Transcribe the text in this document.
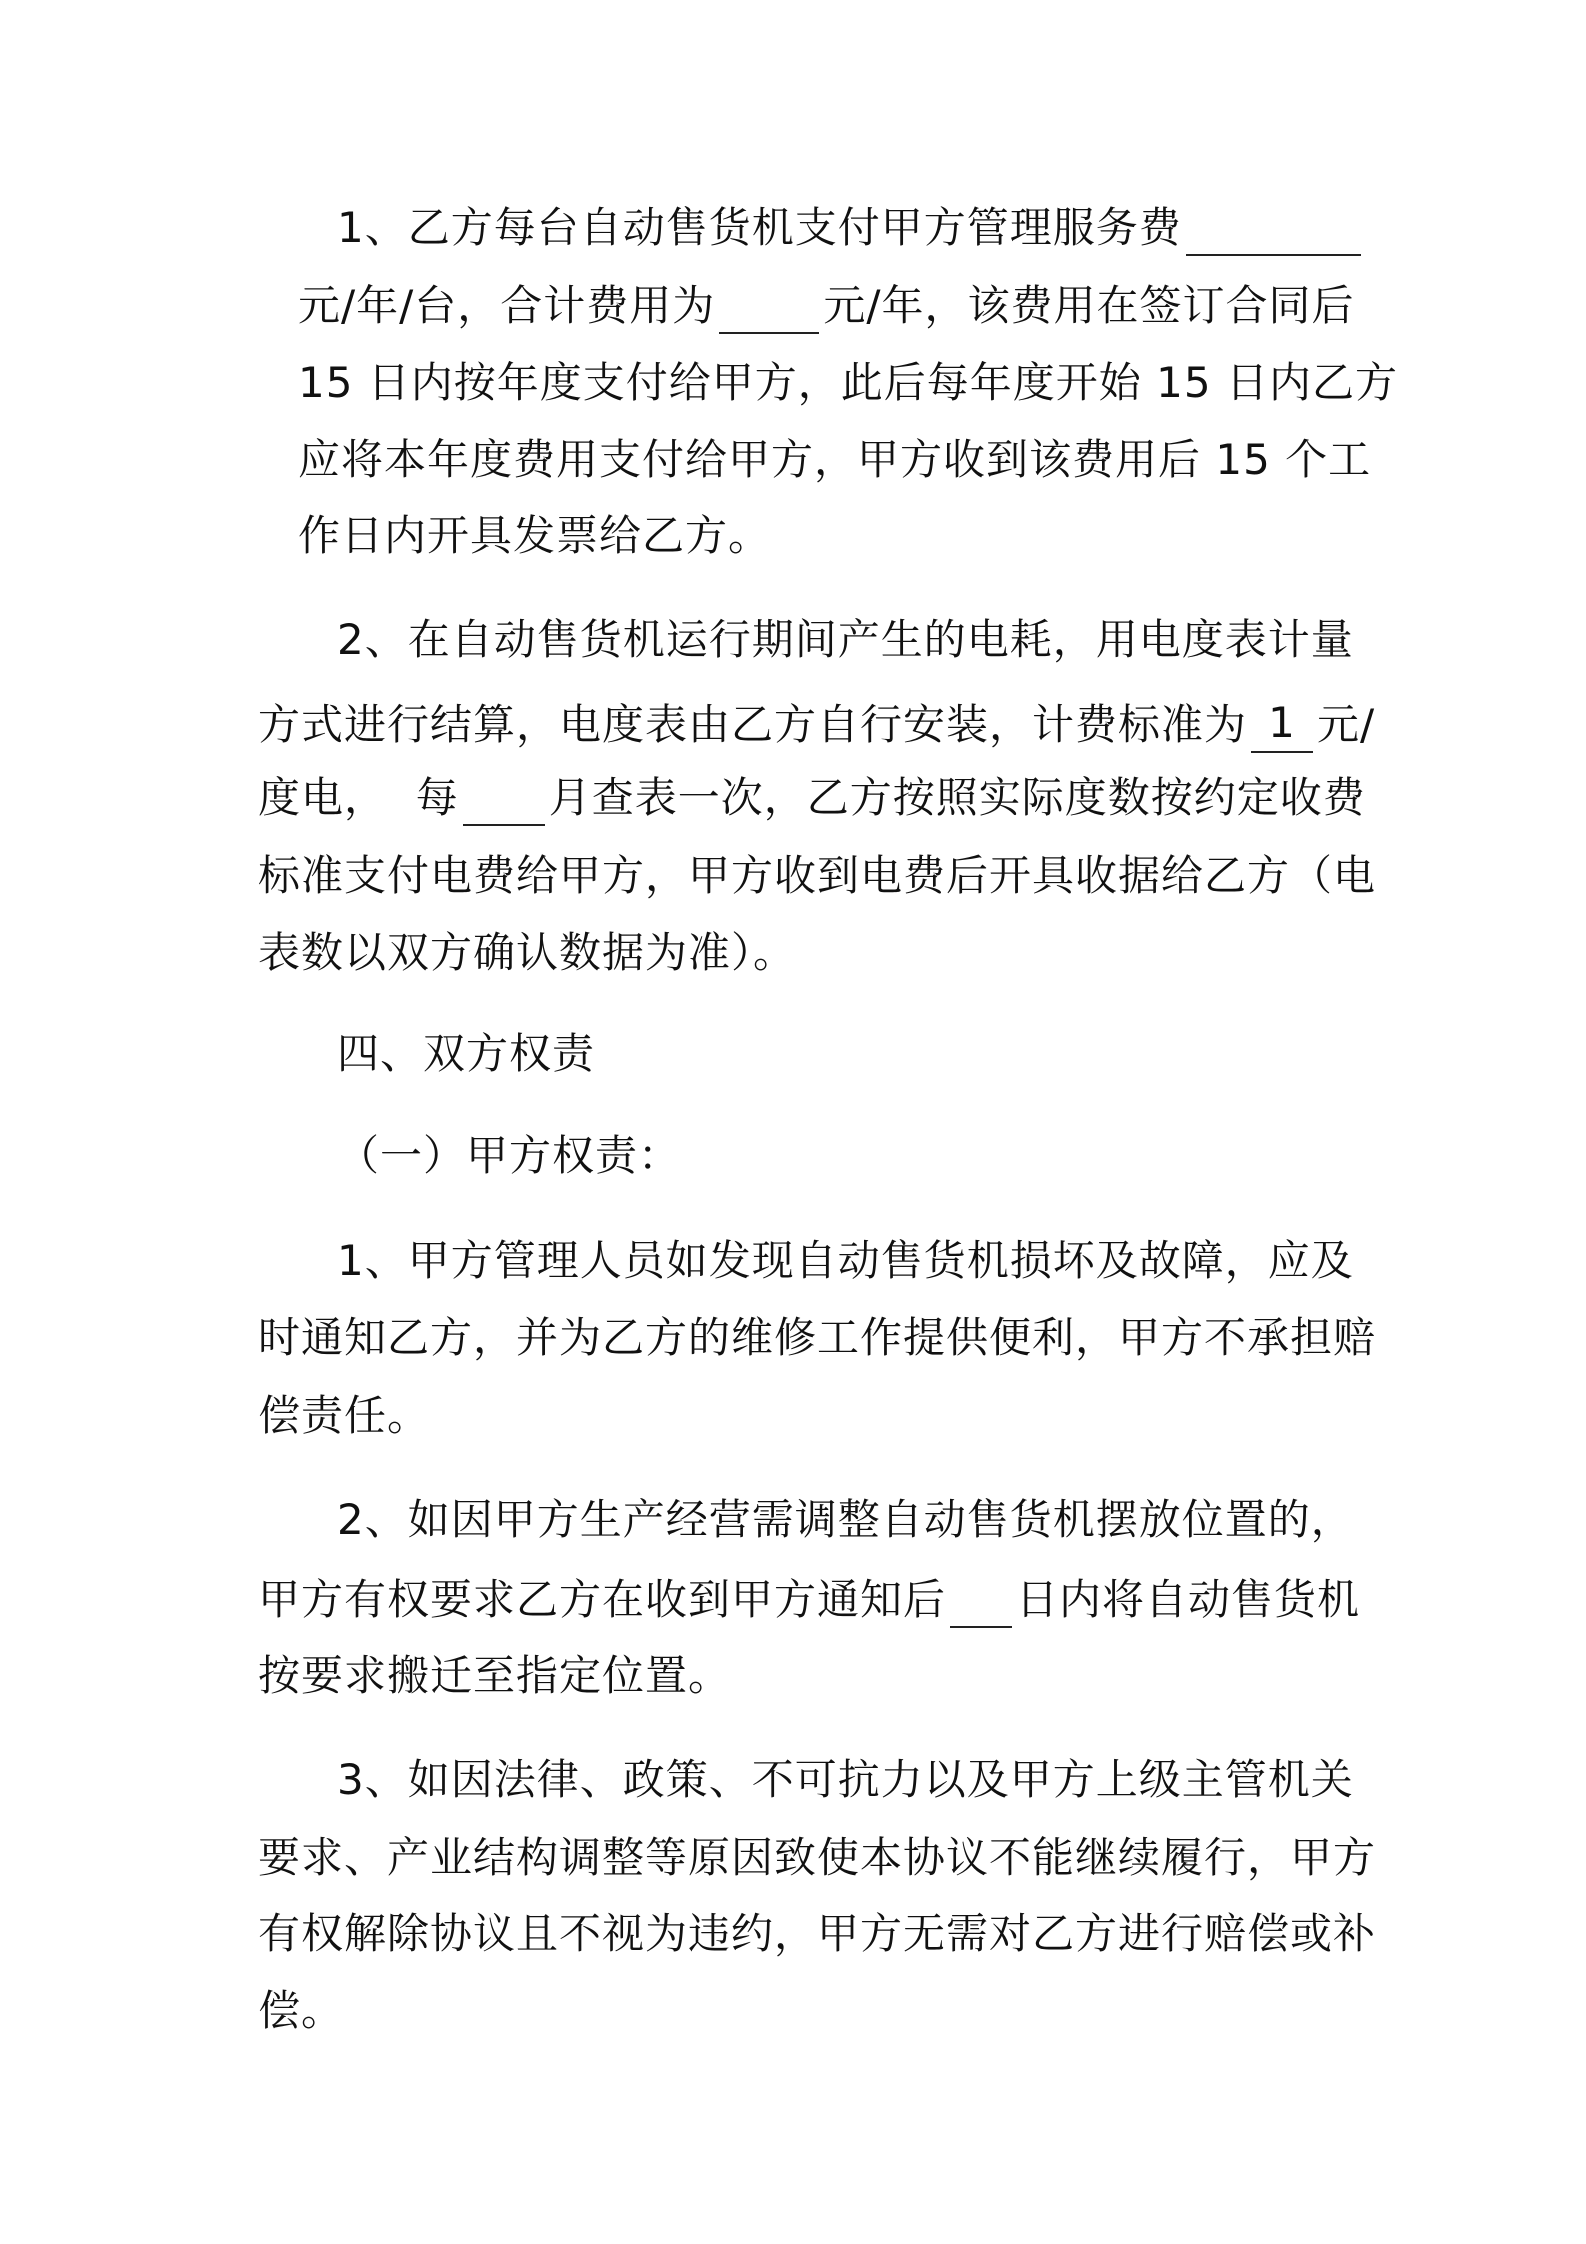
1、乙方每台自动售货机支付甲方管理服务费
元/年/台，合计费用为	元/年，该费用在签订合同后
15 日内按年度支付给甲方，此后每年度开始 15 日内乙方
应将本年度费用支付给甲方，甲方收到该费用后 15 个工
作日内开具发票给乙方。
2、在自动售货机运行期间产生的电耗，用电度表计量
方式进行结算，电度表由乙方自行安装，计费标准为 1 元/
度电，  每 月查表一次，乙方按照实际度数按约定收费
标准支付电费给甲方，甲方收到电费后开具收据给乙方（电
表数以双方确认数据为准）。
四、双方权责
（一）甲方权责：
1、甲方管理人员如发现自动售货机损坏及故障，应及
时通知乙方，并为乙方的维修工作提供便利，甲方不承担赔
偿责任。
2、如因甲方生产经营需调整自动售货机摆放位置的，
甲方有权要求乙方在收到甲方通知后 日内将自动售货机
按要求搬迁至指定位置。
3、如因法律、政策、不可抗力以及甲方上级主管机关
要求、产业结构调整等原因致使本协议不能继续履行，甲方
有权解除协议且不视为违约，甲方无需对乙方进行赔偿或补
偿。
